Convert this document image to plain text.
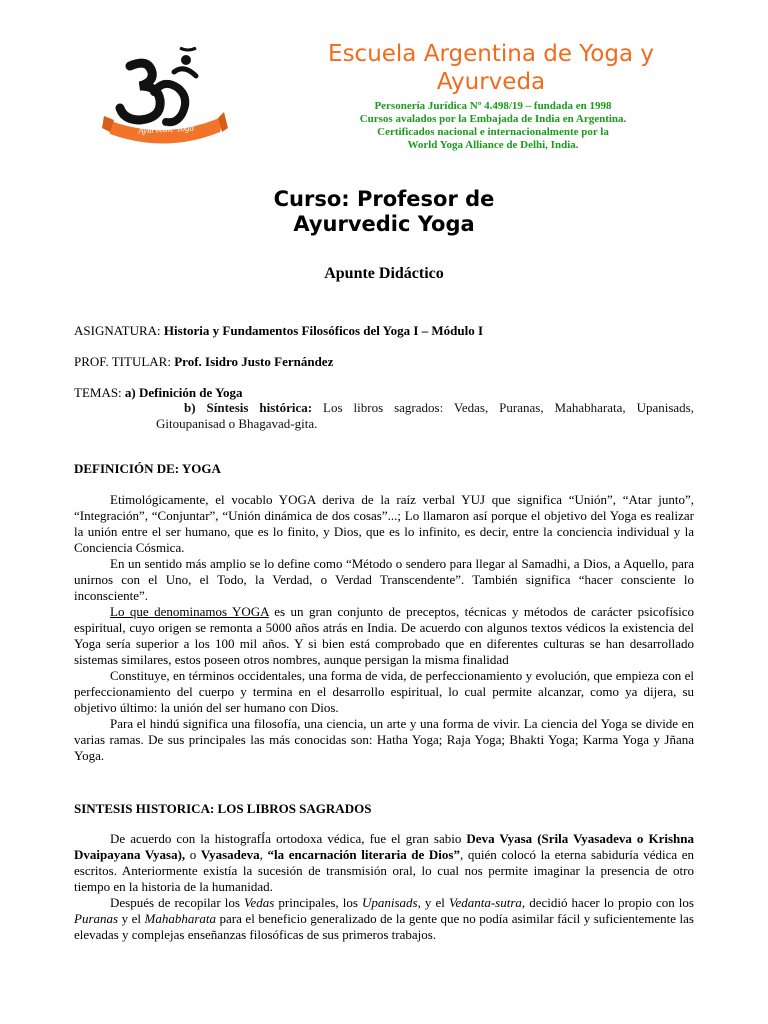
Ayurvedic Yoga
Escuela Argentina de Yoga y Ayurveda
Personería Jurídica Nº 4.498/19 – fundada en 1998
Cursos avalados por la Embajada de India en Argentina.
Certificados nacional e internacionalmente por la
World Yoga Alliance de Delhi, India.
Curso: Profesor de
Ayurvedic Yoga
Apunte Didáctico
ASIGNATURA: Historia y Fundamentos Filosóficos del Yoga I – Módulo I
PROF. TITULAR: Prof. Isidro Justo Fernández
TEMAS: a) Definición de Yoga
b) Síntesis histórica: Los libros sagrados: Vedas, Puranas, Mahabharata, Upanisads, Gitoupanisad o Bhagavad-gita.
DEFINICIÓN DE: YOGA

Etimológicamente, el vocablo YOGA deriva de la raíz verbal YUJ que significa “Unión”, “Atar junto”, “Integración”, “Conjuntar”, “Unión dinámica de dos cosas”...; Lo llamaron así porque el objetivo del Yoga es realizar la unión entre el ser humano, que es lo finito, y Dios, que es lo infinito, es decir, entre la conciencia individual y la Conciencia Cósmica.

En un sentido más amplio se lo define como “Método o sendero para llegar al Samadhi, a Dios, a Aquello, para unirnos con el Uno, el Todo, la Verdad, o Verdad Transcendente”. También significa “hacer consciente lo inconsciente”.

Lo que denominamos YOGA es un gran conjunto de preceptos, técnicas y métodos de carácter psicofísico espiritual, cuyo origen se remonta a 5000 años atrás en India. De acuerdo con algunos textos védicos la existencia del Yoga sería superior a los 100 mil años. Y si bien está comprobado que en diferentes culturas se han desarrollado sistemas similares, estos poseen otros nombres, aunque persigan la misma finalidad

Constituye, en términos occidentales, una forma de vida, de perfeccionamiento y evolución, que empieza con el perfeccionamiento del cuerpo y termina en el desarrollo espiritual, lo cual permite alcanzar, como ya dijera, su objetivo último: la unión del ser humano con Dios.

Para el hindú significa una filosofía, una ciencia, un arte y una forma de vivir. La ciencia del Yoga se divide en varias ramas. De sus principales las más conocidas son: Hatha Yoga; Raja Yoga; Bhakti Yoga; Karma Yoga y Jñana Yoga.

SINTESIS HISTORICA: LOS LIBROS SAGRADOS

De acuerdo con la histografÍa ortodoxa védica, fue el gran sabio Deva Vyasa (Srila Vyasadeva o Krishna Dvaipayana Vyasa), o Vyasadeva, “la encarnación literaria de Dios”, quién colocó la eterna sabiduría védica en escritos. Anteriormente existía la sucesión de transmisión oral, lo cual nos permite imaginar la presencia de otro tiempo en la historia de la humanidad.

Después de recopilar los Vedas principales, los Upanisads, y el Vedanta-sutra, decidió hacer lo propio con los Puranas y el Mahabharata para el beneficio generalizado de la gente que no podía asimilar fácil y suficientemente las elevadas y complejas enseñanzas filosóficas de sus primeros trabajos.
